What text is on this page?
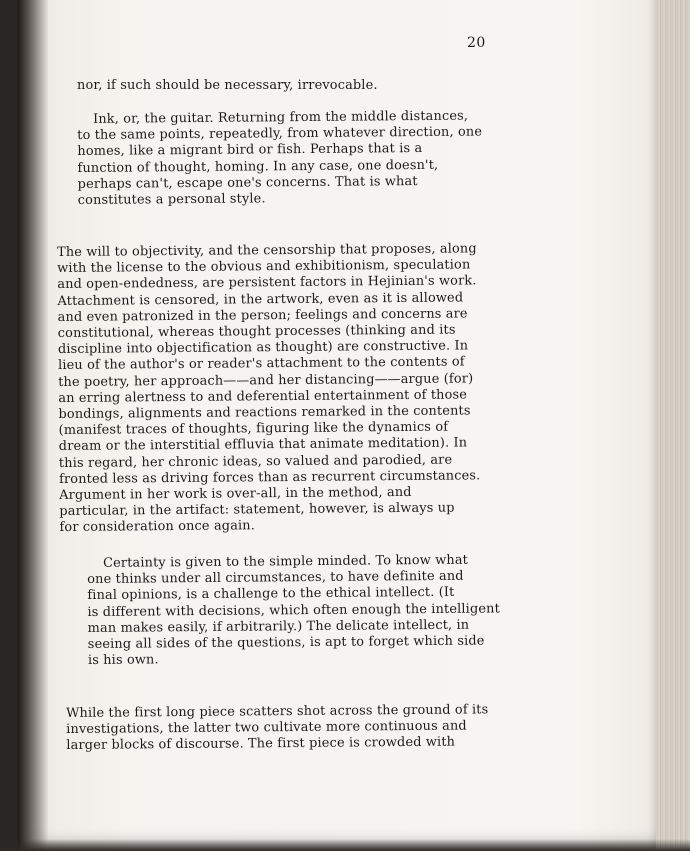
20
nor, if such should be necessary, irrevocable.
Ink, or, the guitar. Returning from the middle distances,
to the same points, repeatedly, from whatever direction, one
homes, like a migrant bird or fish. Perhaps that is a
function of thought, homing. In any case, one doesn't,
perhaps can't, escape one's concerns. That is what
constitutes a personal style.
The will to objectivity, and the censorship that proposes, along
with the license to the obvious and exhibitionism, speculation
and open-endedness, are persistent factors in Hejinian's work.
Attachment is censored, in the artwork, even as it is allowed
and even patronized in the person; feelings and concerns are
constitutional, whereas thought processes (thinking and its
discipline into objectification as thought) are constructive. In
lieu of the author's or reader's attachment to the contents of
the poetry, her approach——and her distancing——argue (for)
an erring alertness to and deferential entertainment of those
bondings, alignments and reactions remarked in the contents
(manifest traces of thoughts, figuring like the dynamics of
dream or the interstitial effluvia that animate meditation). In
this regard, her chronic ideas, so valued and parodied, are
fronted less as driving forces than as recurrent circumstances.
Argument in her work is over-all, in the method, and
particular, in the artifact: statement, however, is always up
for consideration once again.
Certainty is given to the simple minded. To know what
one thinks under all circumstances, to have definite and
final opinions, is a challenge to the ethical intellect. (It
is different with decisions, which often enough the intelligent
man makes easily, if arbitrarily.) The delicate intellect, in
seeing all sides of the questions, is apt to forget which side
is his own.
While the first long piece scatters shot across the ground of its
investigations, the latter two cultivate more continuous and
larger blocks of discourse. The first piece is crowded with
